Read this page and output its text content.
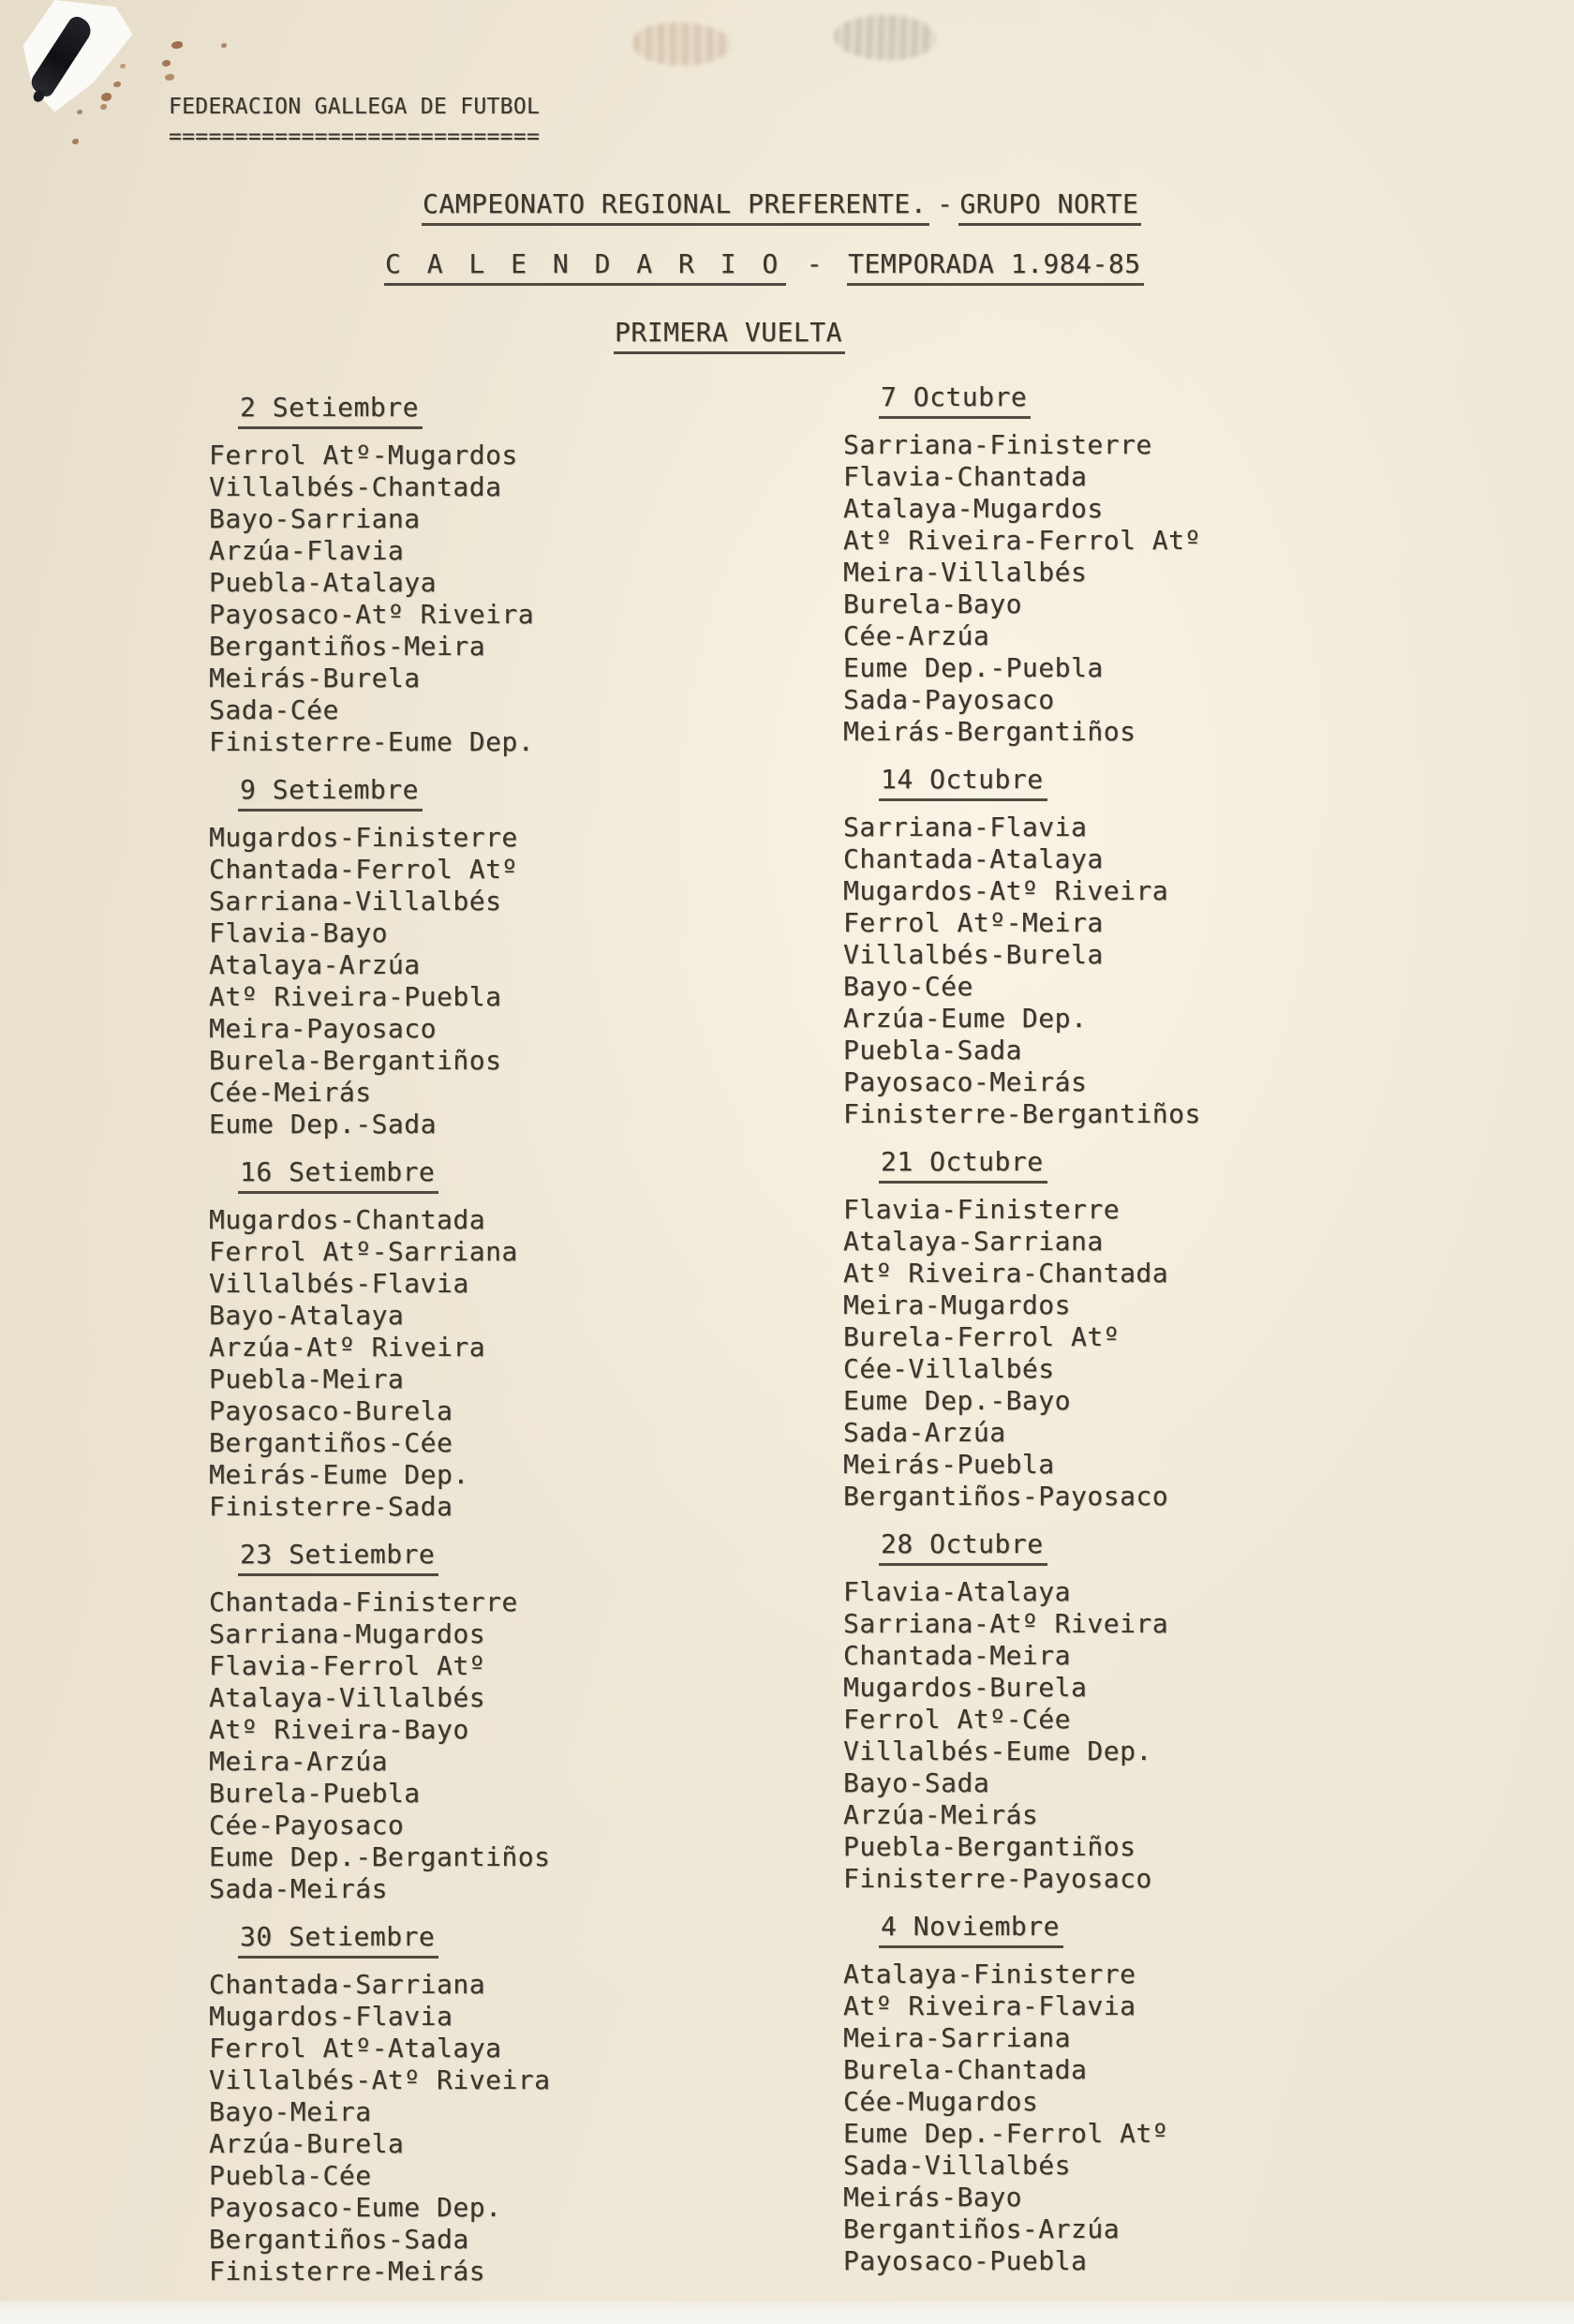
FEDERACION GALLEGA DE FUTBOL
============================
CAMPEONATO REGIONAL PREFERENTE. - GRUPO NORTE
C A L E N D A R I O - TEMPORADA 1.984-85
PRIMERA VUELTA
2 Setiembre
Ferrol Atº-Mugardos
Villalbés-Chantada
Bayo-Sarriana
Arzúa-Flavia
Puebla-Atalaya
Payosaco-Atº Riveira
Bergantiños-Meira
Meirás-Burela
Sada-Cée
Finisterre-Eume Dep.
9 Setiembre
Mugardos-Finisterre
Chantada-Ferrol Atº
Sarriana-Villalbés
Flavia-Bayo
Atalaya-Arzúa
Atº Riveira-Puebla
Meira-Payosaco
Burela-Bergantiños
Cée-Meirás
Eume Dep.-Sada
16 Setiembre
Mugardos-Chantada
Ferrol Atº-Sarriana
Villalbés-Flavia
Bayo-Atalaya
Arzúa-Atº Riveira
Puebla-Meira
Payosaco-Burela
Bergantiños-Cée
Meirás-Eume Dep.
Finisterre-Sada
23 Setiembre
Chantada-Finisterre
Sarriana-Mugardos
Flavia-Ferrol Atº
Atalaya-Villalbés
Atº Riveira-Bayo
Meira-Arzúa
Burela-Puebla
Cée-Payosaco
Eume Dep.-Bergantiños
Sada-Meirás
30 Setiembre
Chantada-Sarriana
Mugardos-Flavia
Ferrol Atº-Atalaya
Villalbés-Atº Riveira
Bayo-Meira
Arzúa-Burela
Puebla-Cée
Payosaco-Eume Dep.
Bergantiños-Sada
Finisterre-Meirás
7 Octubre
Sarriana-Finisterre
Flavia-Chantada
Atalaya-Mugardos
Atº Riveira-Ferrol Atº
Meira-Villalbés
Burela-Bayo
Cée-Arzúa
Eume Dep.-Puebla
Sada-Payosaco
Meirás-Bergantiños
14 Octubre
Sarriana-Flavia
Chantada-Atalaya
Mugardos-Atº Riveira
Ferrol Atº-Meira
Villalbés-Burela
Bayo-Cée
Arzúa-Eume Dep.
Puebla-Sada
Payosaco-Meirás
Finisterre-Bergantiños
21 Octubre
Flavia-Finisterre
Atalaya-Sarriana
Atº Riveira-Chantada
Meira-Mugardos
Burela-Ferrol Atº
Cée-Villalbés
Eume Dep.-Bayo
Sada-Arzúa
Meirás-Puebla
Bergantiños-Payosaco
28 Octubre
Flavia-Atalaya
Sarriana-Atº Riveira
Chantada-Meira
Mugardos-Burela
Ferrol Atº-Cée
Villalbés-Eume Dep.
Bayo-Sada
Arzúa-Meirás
Puebla-Bergantiños
Finisterre-Payosaco
4 Noviembre
Atalaya-Finisterre
Atº Riveira-Flavia
Meira-Sarriana
Burela-Chantada
Cée-Mugardos
Eume Dep.-Ferrol Atº
Sada-Villalbés
Meirás-Bayo
Bergantiños-Arzúa
Payosaco-Puebla
